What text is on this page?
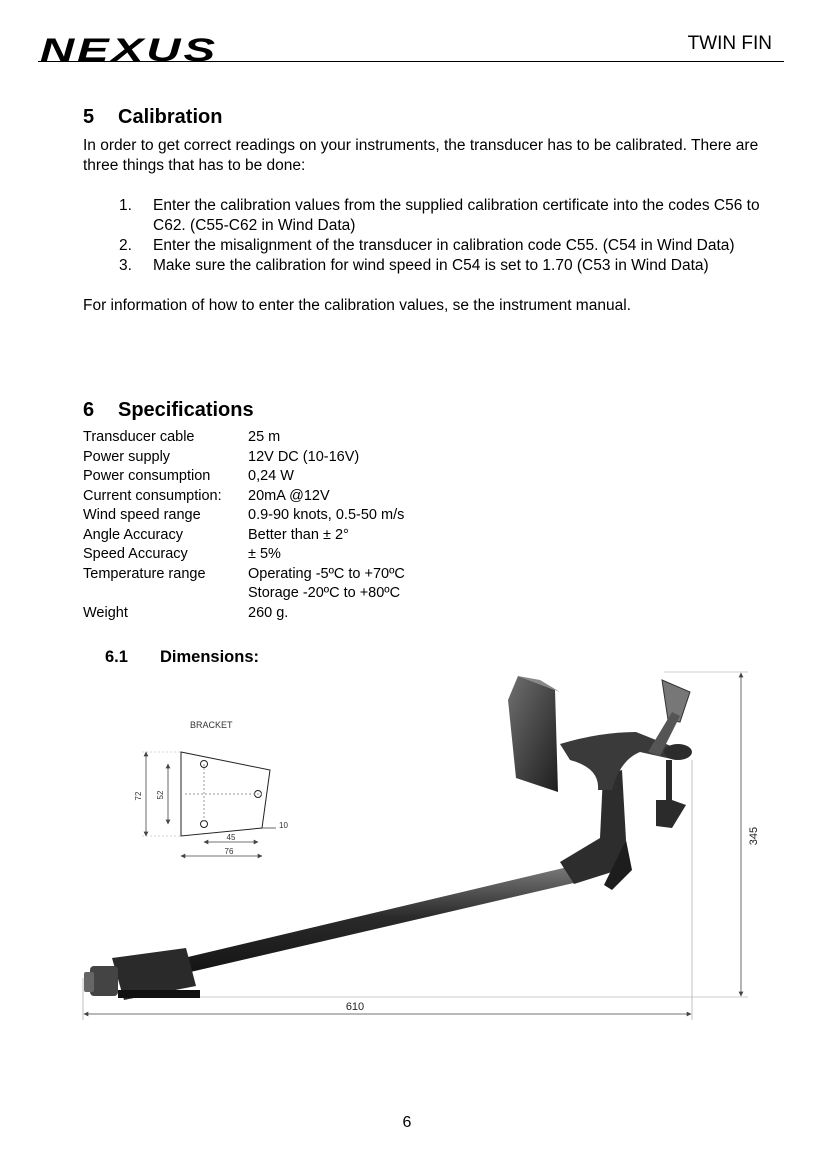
NEXUS	TWIN FIN
5 Calibration
In order to get correct readings on your instruments, the transducer has to be calibrated. There are three things that has to be done:
1. Enter the calibration values from the supplied calibration certificate into the codes C56 to C62. (C55-C62 in Wind Data)
2. Enter the misalignment of the transducer in calibration code C55. (C54 in Wind Data)
3. Make sure the calibration for wind speed in C54 is set to 1.70 (C53 in Wind Data)
For information of how to enter the calibration values, se the instrument manual.
6 Specifications
Transducer cable	25 m
Power supply	12V DC (10-16V)
Power consumption	0,24 W
Current consumption:	20mA @12V
Wind speed range	0.9-90 knots, 0.5-50 m/s
Angle Accuracy	Better than ± 2°
Speed Accuracy	± 5%
Temperature range	Operating -5ºC to +70ºC
Storage -20ºC to +80ºC
Weight	260 g.
6.1 Dimensions:
BRACKET
72 52
45
76
10
345
610
6
